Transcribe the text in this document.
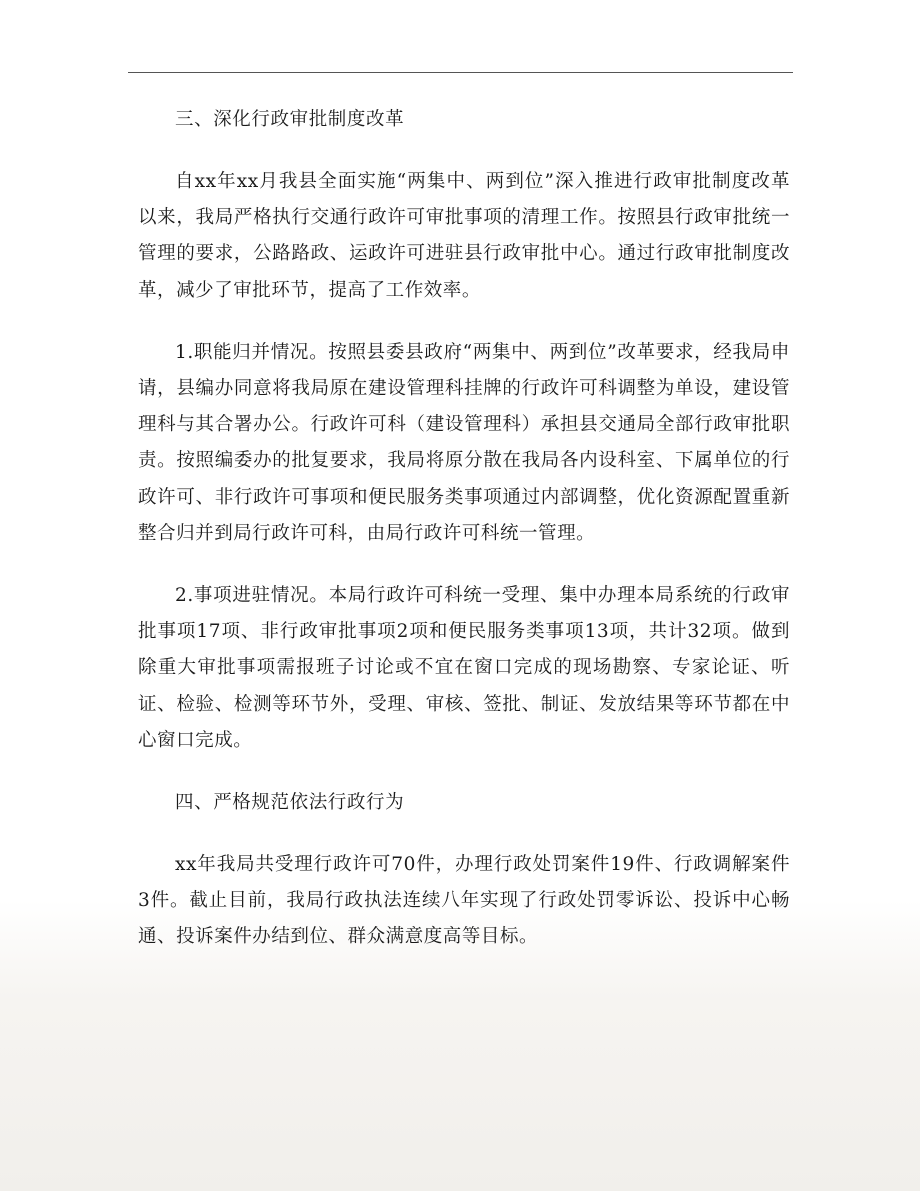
三、深化行政审批制度改革

自xx年xx月我县全面实施“两集中、两到位”深入推进行政审批制度改革以来，我局严格执行交通行政许可审批事项的清理工作。按照县行政审批统一管理的要求，公路路政、运政许可进驻县行政审批中心。通过行政审批制度改革，减少了审批环节，提高了工作效率。

1.职能归并情况。按照县委县政府“两集中、两到位”改革要求，经我局申请，县编办同意将我局原在建设管理科挂牌的行政许可科调整为单设，建设管理科与其合署办公。行政许可科（建设管理科）承担县交通局全部行政审批职责。按照编委办的批复要求，我局将原分散在我局各内设科室、下属单位的行政许可、非行政许可事项和便民服务类事项通过内部调整，优化资源配置重新整合归并到局行政许可科，由局行政许可科统一管理。

2.事项进驻情况。本局行政许可科统一受理、集中办理本局系统的行政审批事项17项、非行政审批事项2项和便民服务类事项13项，共计32项。做到除重大审批事项需报班子讨论或不宜在窗口完成的现场勘察、专家论证、听证、检验、检测等环节外，受理、审核、签批、制证、发放结果等环节都在中心窗口完成。

四、严格规范依法行政行为

xx年我局共受理行政许可70件，办理行政处罚案件19件、行政调解案件3件。截止目前，我局行政执法连续八年实现了行政处罚零诉讼、投诉中心畅通、投诉案件办结到位、群众满意度高等目标。
